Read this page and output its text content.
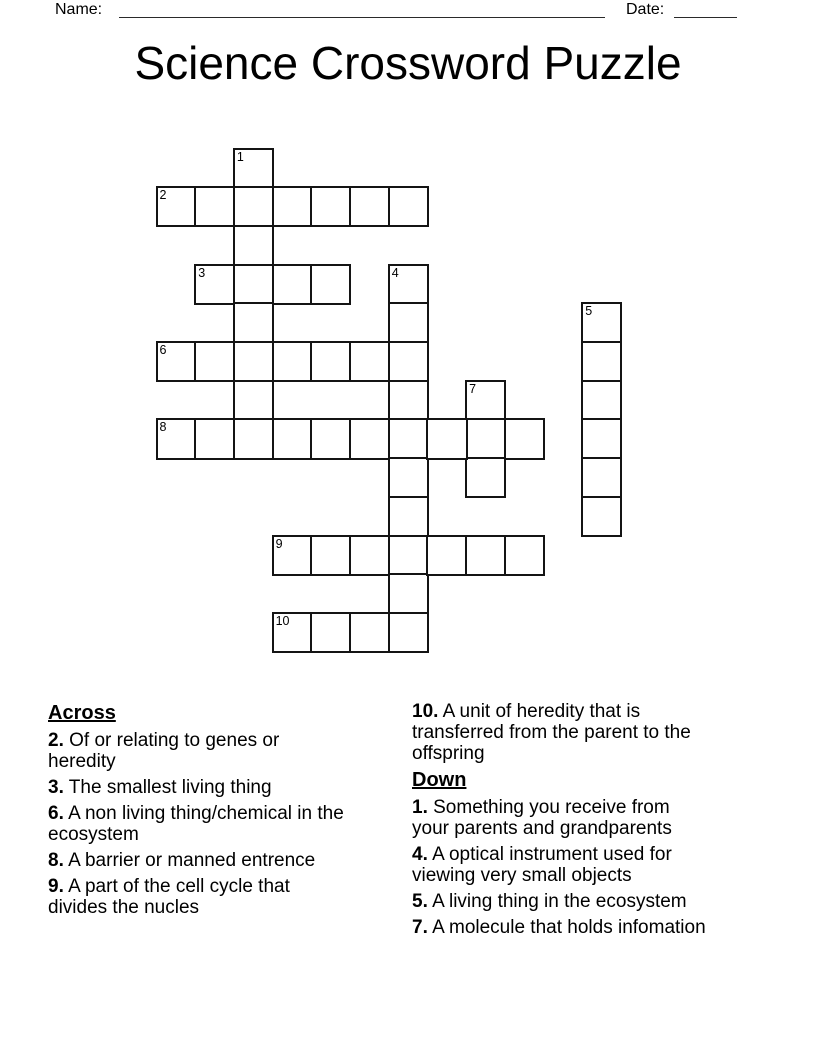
Name:	Date:
Science Crossword Puzzle
1
2
3	4
5
6
7
8
9
10
Across
2. Of or relating to genes or
heredity
3. The smallest living thing
6. A non living thing/chemical in the
ecosystem
8. A barrier or manned entrence
9. A part of the cell cycle that
divides the nucles
10. A unit of heredity that is
transferred from the parent to the
offspring
Down
1. Something you receive from
your parents and grandparents
4. A optical instrument used for
viewing very small objects
5. A living thing in the ecosystem
7. A molecule that holds infomation
